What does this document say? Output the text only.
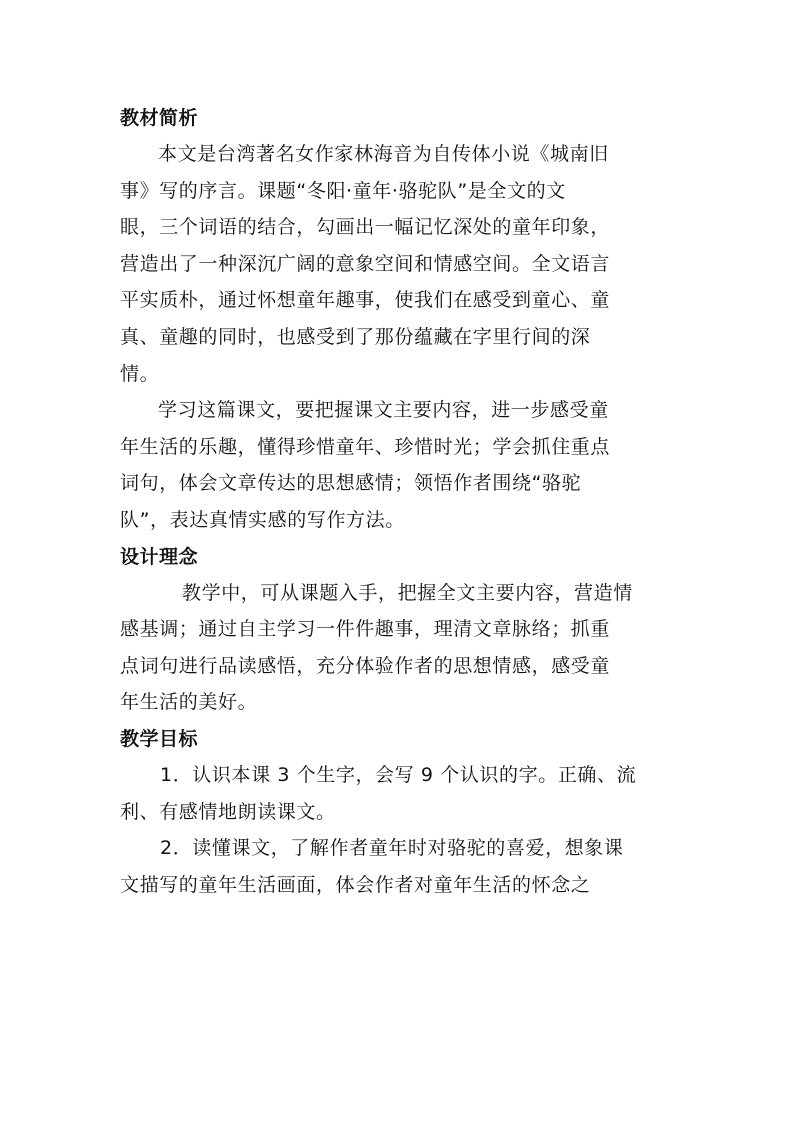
教材简析

本文是台湾著名女作家林海音为自传体小说《城南旧
事》写的序言。课题“冬阳·童年·骆驼队”是全文的文
眼，三个词语的结合，勾画出一幅记忆深处的童年印象，
营造出了一种深沉广阔的意象空间和情感空间。全文语言
平实质朴，通过怀想童年趣事，使我们在感受到童心、童
真、童趣的同时，也感受到了那份蕴藏在字里行间的深
情。

学习这篇课文，要把握课文主要内容，进一步感受童
年生活的乐趣，懂得珍惜童年、珍惜时光；学会抓住重点
词句，体会文章传达的思想感情；领悟作者围绕“骆驼
队”，表达真情实感的写作方法。

设计理念

教学中，可从课题入手，把握全文主要内容，营造情
感基调；通过自主学习一件件趣事，理清文章脉络；抓重
点词句进行品读感悟，充分体验作者的思想情感，感受童
年生活的美好。

教学目标

1．认识本课 3 个生字，会写 9 个认识的字。正确、流
利、有感情地朗读课文。

2．读懂课文，了解作者童年时对骆驼的喜爱，想象课
文描写的童年生活画面，体会作者对童年生活的怀念之
